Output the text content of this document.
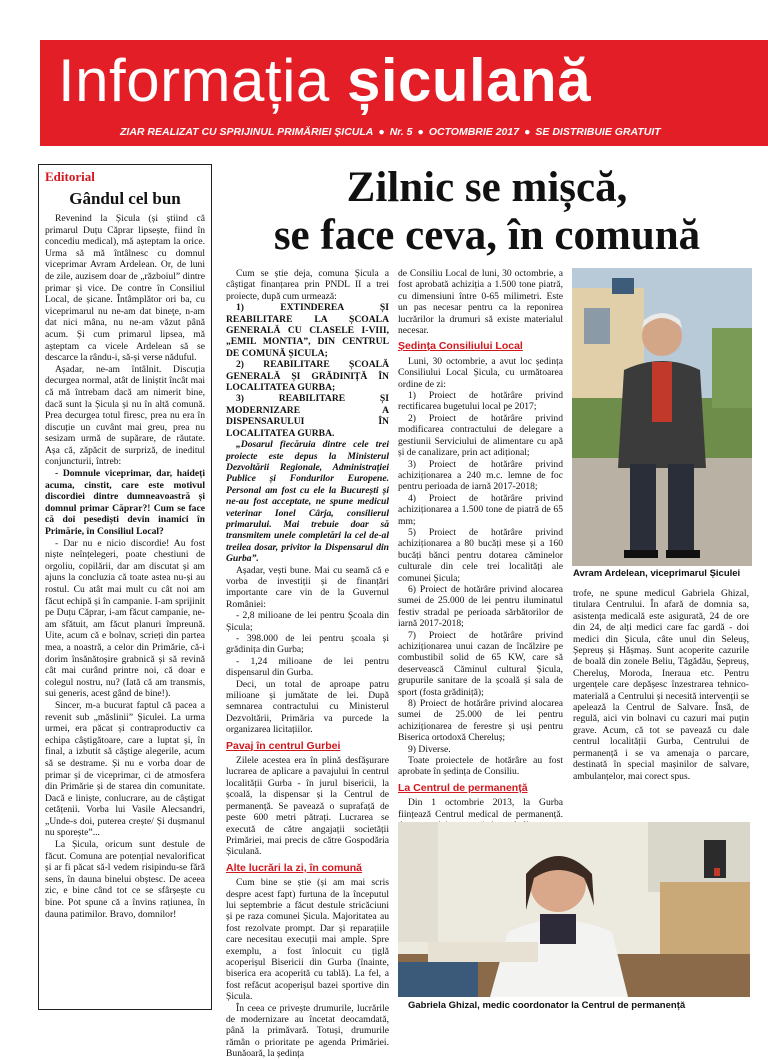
Informația șiculană
ZIAR REALIZAT CU SPRIJINUL PRIMĂRIEI ȘICULA ● Nr. 5 ● OCTOMBRIE 2017 ● SE DISTRIBUIE GRATUIT
Editorial
Gândul cel bun

Revenind la Șicula (și știind că primarul Duțu Căprar lipsește, fiind în concediu medical), mă așteptam la orice. Urma să mă întâlnesc cu domnul viceprimar Avram Ardelean. Or, de luni de zile, auzisem doar de „războiul” dintre primar și vice. De contre în Consiliul Local, de șicane. Întâmplător ori ba, cu viceprimarul nu ne-am dat bineţe, n-am dat nici mâna, nu ne-am văzut până acum. Și cum primarul lipsea, mă așteptam ca vicele Ardelean să se descarce la rându-i, să-și verse năduful.

Așadar, ne-am întâlnit. Discuția decurgea normal, atât de liniștit încât mai că mă întrebam dacă am nimerit bine, dacă sunt la Șicula și nu în altă comună. Prea decurgea totul firesc, prea nu era în discuție un cuvânt mai greu, prea nu sesizam urmă de supărare, de răutate. Așa că, zăpăcit de surpriză, de ineditul conjuncturii, întreb:

- Domnule viceprimar, dar, haideți acuma, cinstit, care este motivul discordiei dintre dumneavoastră și domnul primar Căprar?! Cum se face că doi pesediști devin inamici în Primărie, în Consiliul Local?

- Dar nu e nicio discordie! Au fost niște neînțelegeri, poate chestiuni de orgoliu, copilării, dar am discutat și am ajuns la concluzia că toate astea nu-și au rostul. Cu atât mai mult cu cât noi am făcut echipă și în campanie. I-am sprijinit pe Duțu Căprar, i-am făcut campanie, ne-am sfătuit, am făcut planuri împreună. Uite, acum că e bolnav, scrieți din partea mea, a noastră, a celor din Primărie, că-i dorim însănătoșire grabnică și să revină cât mai curând printre noi, că doar e colegul nostru, nu? (Iată că am transmis, sui generis, acest gând de bine!).

Sincer, m-a bucurat faptul că pacea a revenit sub „măslinii” Șiculei. La urma urmei, era păcat și contraproductiv ca echipa câștigătoare, care a luptat și, în final, a izbutit să câștige alegerile, acum să se destrame. Și nu e vorba doar de primar și de viceprimar, ci de atmosfera din Primărie și de starea din comunitate. Dacă e liniște, conlucrare, au de câștigat cetățenii. Vorba lui Vasile Alecsandri, „Unde-s doi, puterea crește/ Și dușmanul nu sporește”...

La Șicula, oricum sunt destule de făcut. Comuna are potențial nevalorificat și ar fi păcat să-l vedem risipindu-se fără sens, în dauna binelui obștesc. De aceea zic, e bine când tot ce se sfârșește cu bine. Pot spune că a învins rațiunea, în dauna patimilor. Bravo, domnilor!

Zilnic se mișcă,
se face ceva, în comună

Cum se știe deja, comuna Șicula a câștigat finanțarea prin PNDL II a trei proiecte, după cum urmează:

1) EXTINDEREA ȘI REABILITARE LA ȘCOALA GENERALĂ CU CLASELE I-VIII, „EMIL MONTIA”, DIN CENTRUL DE COMUNĂ ȘICULA;

2) REABILITARE ȘCOALĂ GENERALĂ ȘI GRĂDINIȚĂ ÎN LOCALITATEA GURBA;

3) REABILITARE ȘI MODERNIZARE A DISPENSARULUI ÎN LOCALITATEA GURBA.

„Dosarul fiecăruia dintre cele trei proiecte este depus la Ministerul Dezvoltării Regionale, Administrației Publice și Fondurilor Europene. Personal am fost cu ele la București și ne-au fost acceptate, ne spune medicul veterinar Ionel Cârja, consilierul primarului. Mai trebuie doar să transmitem unele completări la cel de-al treilea dosar, privitor la Dispensarul din Gurba”.

Așadar, vești bune. Mai cu seamă că e vorba de investiții și de finanțări importante care vin de la Guvernul României:

- 2,8 milioane de lei pentru Școala din Șicula;

- 398.000 de lei pentru școala și grădinița din Gurba;

- 1,24 milioane de lei pentru dispensarul din Gurba.

Deci, un total de aproape patru milioane și jumătate de lei. După semnarea contractului cu Ministerul Dezvoltării, Primăria va purcede la organizarea licitațiilor.

Pavaj în centrul Gurbei

Zilele acestea era în plină desfășurare lucrarea de aplicare a pavajului în centrul localității Gurba - în jurul bisericii, la școală, la dispensar și la Centrul de permanență. Se pavează o suprafață de peste 600 metri pătrați. Lucrarea se execută de către angajații societății Primăriei, mai precis de către Gospodăria Șiculană.

Alte lucrări la zi, în comună

Cum bine se știe (și am mai scris despre acest fapt) furtuna de la începutul lui septembrie a făcut destule stricăciuni și pe raza comunei Șicula. Majoritatea au fost rezolvate prompt. Dar și reparațiile care necesitau execuții mai ample. Spre exemplu, a fost înlocuit cu țiglă acoperișul Bisericii din Gurba (înainte, biserica era acoperită cu tablă). La fel, a fost refăcut acoperișul bazei sportive din Șicula.

În ceea ce privește drumurile, lucrările de modernizare au încetat deocamdată, până la primăvară. Totuși, drumurile rămân o prioritate pe agenda Primăriei. Bunăoară, la ședința

de Consiliu Local de luni, 30 octombrie, a fost aprobată achiziția a 1.500 tone piatră, cu dimensiuni între 0-65 milimetri. Este un pas necesar pentru ca la reponirea lucrărilor la drumuri să existe materialul necesar.

Ședința Consiliului Local

Luni, 30 octombrie, a avut loc ședința Consiliului Local Șicula, cu următoarea ordine de zi:

1) Proiect de hotărâre privind rectificarea bugetului local pe 2017;

2) Proiect de hotărâre privind modificarea contractului de delegare a gestiunii Serviciului de alimentare cu apă și de canalizare, prin act adițional;

3) Proiect de hotărâre privind achiziționarea a 240 m.c. lemne de foc pentru perioada de iarnă 2017-2018;

4) Proiect de hotărâre privind achiziționarea a 1.500 tone de piatră de 65 mm;

5) Proiect de hotărâre privind achiziționarea a 80 bucăți mese și a 160 bucăți bănci pentru dotarea căminelor culturale din cele trei localități ale comunei Șicula;

6) Proiect de hotărâre privind alocarea sumei de 25.000 de lei pentru iluminatul festiv stradal pe perioada sărbătorilor de iarnă 2017-2018;

7) Proiect de hotărâre privind achiziționarea unui cazan de încălzire pe combustibil solid de 65 KW, care să deservească Căminul cultural Șicula, grupurile sanitare de la școală și sala de sport (fosta grădiniță);

8) Proiect de hotărâre privind alocarea sumei de 25.000 de lei pentru achiziționarea de ferestre și uși pentru Biserica ortodoxă Chereluș;

9) Diverse.

Toate proiectele de hotărâre au fost aprobate în ședința de Consiliu.

La Centrul de permanență

Din 1 octombrie 2013, la Gurba ființează Centrul medical de permanență.

Avram Ardelean, viceprimarul Șiculei

trofe, ne spune medicul Gabriela Ghizal, titulara Centrului. În afară de domnia sa, asistența medicală este asigurată, 24 de ore din 24, de alți medici care fac gardă - doi medici din Șicula, câte unul din Seleuș, Șepreuș și Hășmaș. Sunt acoperite cazurile de boală din zonele Beliu, Tăgădău, Șepreuș, Chereluș, Moroda, Ineraua etc. Pentru urgențele care depășesc înzestrarea tehnico-materială a Centrului și necesită intervenții se apelează la Centrul de Salvare. Însă, de regulă, aici vin bolnavi cu cazuri mai puțin grave. Acum, că tot se pavează cu dale centrul localității Gurba, Centrului de permanență i se va amenaja o parcare, destinată în special mașinilor de salvare, ambulanțelor, mai corect spus.

Gabriela Ghizal, medic coordonator la Centrul de permanență
